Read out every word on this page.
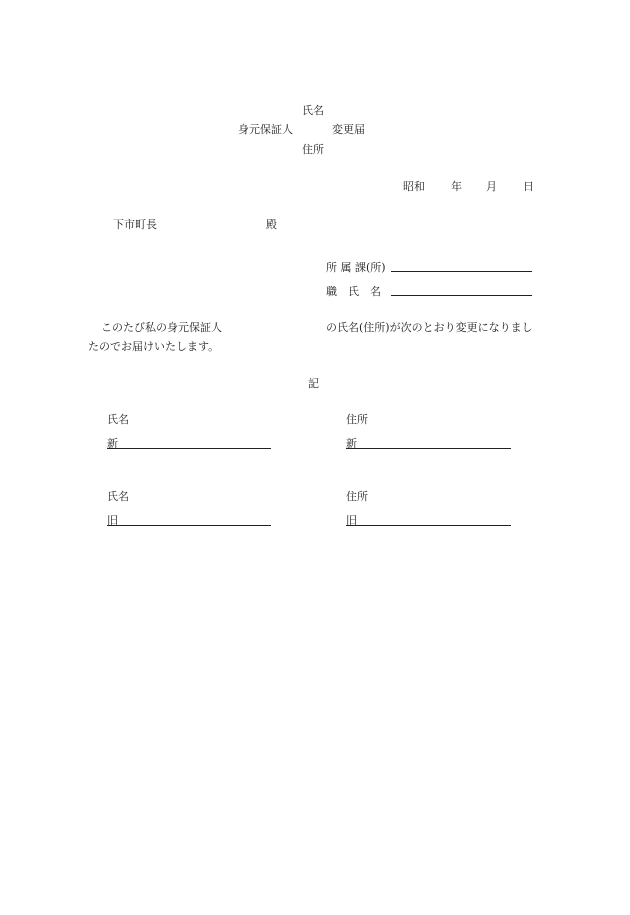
氏名
身元保証人	変更届
住所
昭和 年 月 日
下市町長	殿
所 属 課(所)
職　氏　名
このたび私の身元保証人	の氏名(住所)が次のとおり変更になりまし
たのでお届けいたします。
記
氏名	住所
新	新
氏名	住所
旧	旧
